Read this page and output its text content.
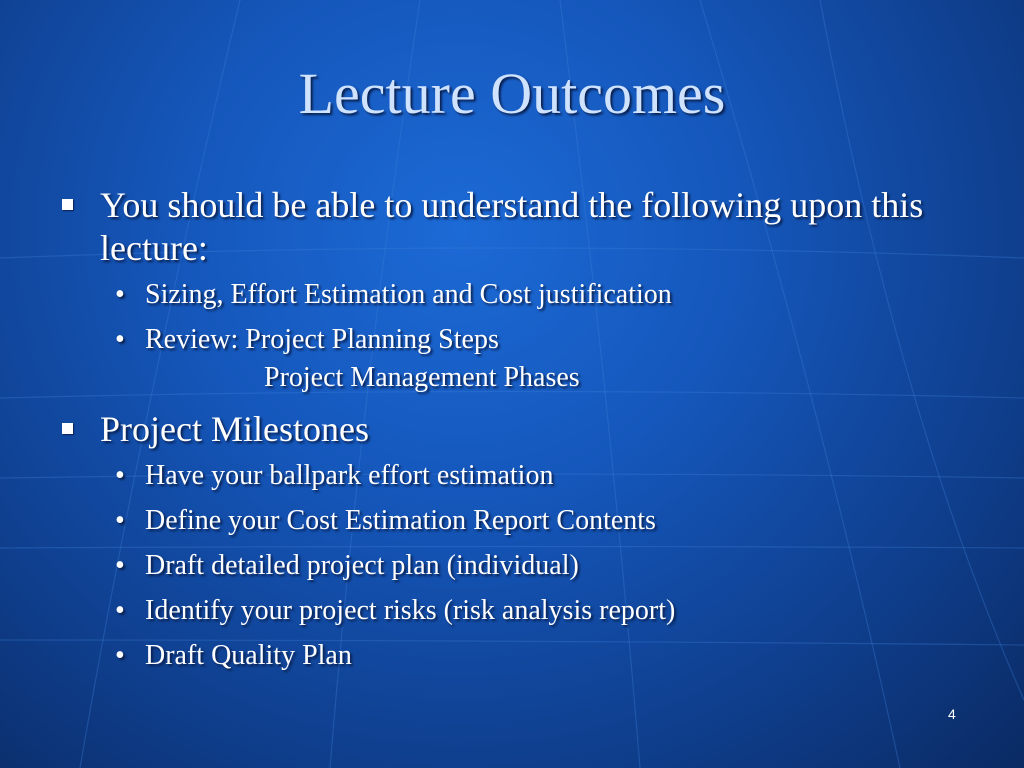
Lecture Outcomes
You should be able to understand the following upon this lecture:
• Sizing, Effort Estimation and Cost justification
• Review: Project Planning Steps
Project Management Phases
Project Milestones
• Have your ballpark effort estimation
• Define your Cost Estimation Report Contents
• Draft detailed project plan (individual)
• Identify your project risks (risk analysis report)
• Draft Quality Plan
4
